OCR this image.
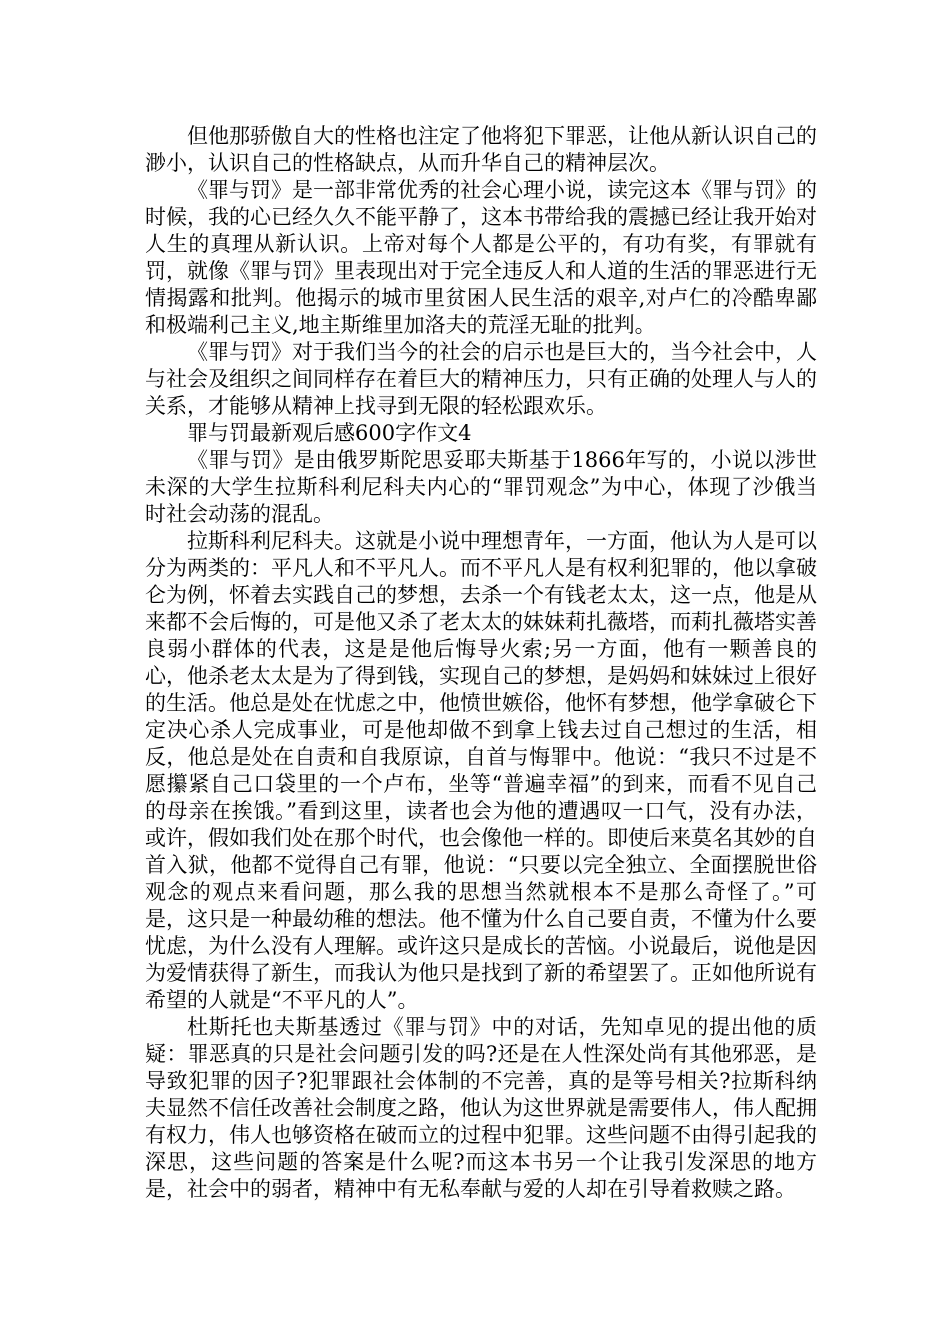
但他那骄傲自大的性格也注定了他将犯下罪恶，让他从新认识自己的渺小，认识自己的性格缺点，从而升华自己的精神层次。

《罪与罚》是一部非常优秀的社会心理小说，读完这本《罪与罚》的时候，我的心已经久久不能平静了，这本书带给我的震撼已经让我开始对人生的真理从新认识。上帝对每个人都是公平的，有功有奖，有罪就有罚，就像《罪与罚》里表现出对于完全违反人和人道的生活的罪恶进行无情揭露和批判。他揭示的城市里贫困人民生活的艰辛,对卢仁的冷酷卑鄙和极端利己主义,地主斯维里加洛夫的荒淫无耻的批判。

《罪与罚》对于我们当今的社会的启示也是巨大的，当今社会中，人与社会及组织之间同样存在着巨大的精神压力，只有正确的处理人与人的关系，才能够从精神上找寻到无限的轻松跟欢乐。

罪与罚最新观后感600字作文4

《罪与罚》是由俄罗斯陀思妥耶夫斯基于1866年写的，小说以涉世未深的大学生拉斯科利尼科夫内心的“罪罚观念”为中心，体现了沙俄当时社会动荡的混乱。

拉斯科利尼科夫。这就是小说中理想青年，一方面，他认为人是可以分为两类的：平凡人和不平凡人。而不平凡人是有权利犯罪的，他以拿破仑为例，怀着去实践自己的梦想，去杀一个有钱老太太，这一点，他是从来都不会后悔的，可是他又杀了老太太的妹妹莉扎薇塔，而莉扎薇塔实善良弱小群体的代表，这是是他后悔导火索;另一方面，他有一颗善良的心，他杀老太太是为了得到钱，实现自己的梦想，是妈妈和妹妹过上很好的生活。他总是处在忧虑之中，他愤世嫉俗，他怀有梦想，他学拿破仑下定决心杀人完成事业，可是他却做不到拿上钱去过自己想过的生活，相反，他总是处在自责和自我原谅，自首与悔罪中。他说：“我只不过是不愿攥紧自己口袋里的一个卢布，坐等“普遍幸福”的到来，而看不见自己的母亲在挨饿。”看到这里，读者也会为他的遭遇叹一口气，没有办法，或许，假如我们处在那个时代，也会像他一样的。即使后来莫名其妙的自首入狱，他都不觉得自己有罪，他说：“只要以完全独立、全面摆脱世俗观念的观点来看问题，那么我的思想当然就根本不是那么奇怪了。”可是，这只是一种最幼稚的想法。他不懂为什么自己要自责，不懂为什么要忧虑，为什么没有人理解。或许这只是成长的苦恼。小说最后，说他是因为爱情获得了新生，而我认为他只是找到了新的希望罢了。正如他所说有希望的人就是“不平凡的人”。

杜斯托也夫斯基透过《罪与罚》中的对话，先知卓见的提出他的质疑：罪恶真的只是社会问题引发的吗?还是在人性深处尚有其他邪恶，是导致犯罪的因子?犯罪跟社会体制的不完善，真的是等号相关?拉斯科纳夫显然不信任改善社会制度之路，他认为这世界就是需要伟人，伟人配拥有权力，伟人也够资格在破而立的过程中犯罪。这些问题不由得引起我的深思，这些问题的答案是什么呢?而这本书另一个让我引发深思的地方是，社会中的弱者，精神中有无私奉献与爱的人却在引导着救赎之路。
